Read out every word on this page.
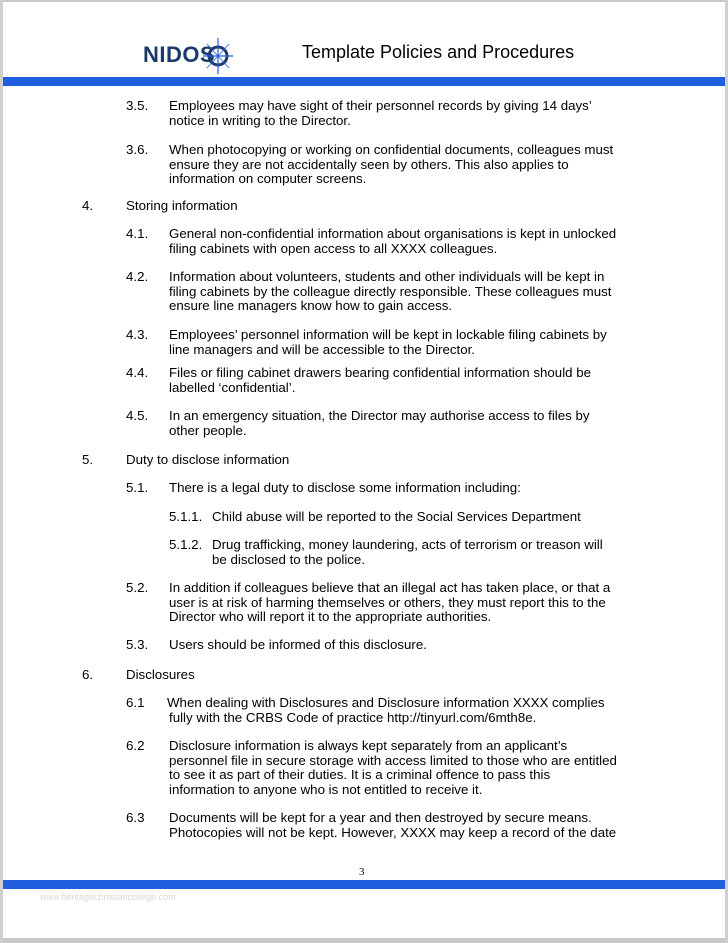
NIDOS	Template Policies and Procedures
3.5. Employees may have sight of their personnel records by giving 14 days’
notice in writing to the Director.
3.6. When photocopying or working on confidential documents, colleagues must
ensure they are not accidentally seen by others. This also applies to
information on computer screens.
4. Storing information
4.1. General non-confidential information about organisations is kept in unlocked
filing cabinets with open access to all XXXX colleagues.
4.2. Information about volunteers, students and other individuals will be kept in
filing cabinets by the colleague directly responsible. These colleagues must
ensure line managers know how to gain access.
4.3. Employees’ personnel information will be kept in lockable filing cabinets by
line managers and will be accessible to the Director.
4.4. Files or filing cabinet drawers bearing confidential information should be
labelled ‘confidential’.
4.5. In an emergency situation, the Director may authorise access to files by
other people.
5. Duty to disclose information
5.1. There is a legal duty to disclose some information including:
5.1.1. Child abuse will be reported to the Social Services Department
5.1.2. Drug trafficking, money laundering, acts of terrorism or treason will
be disclosed to the police.
5.2. In addition if colleagues believe that an illegal act has taken place, or that a
user is at risk of harming themselves or others, they must report this to the
Director who will report it to the appropriate authorities.
5.3. Users should be informed of this disclosure.
6. Disclosures
6.1 When dealing with Disclosures and Disclosure information XXXX complies
fully with the CRBS Code of practice http://tinyurl.com/6mth8e.
6.2 Disclosure information is always kept separately from an applicant’s
personnel file in secure storage with access limited to those who are entitled
to see it as part of their duties. It is a criminal offence to pass this
information to anyone who is not entitled to receive it.
6.3 Documents will be kept for a year and then destroyed by secure means.
Photocopies will not be kept. However, XXXX may keep a record of the date
3
www.heritagechristiancollege.com
